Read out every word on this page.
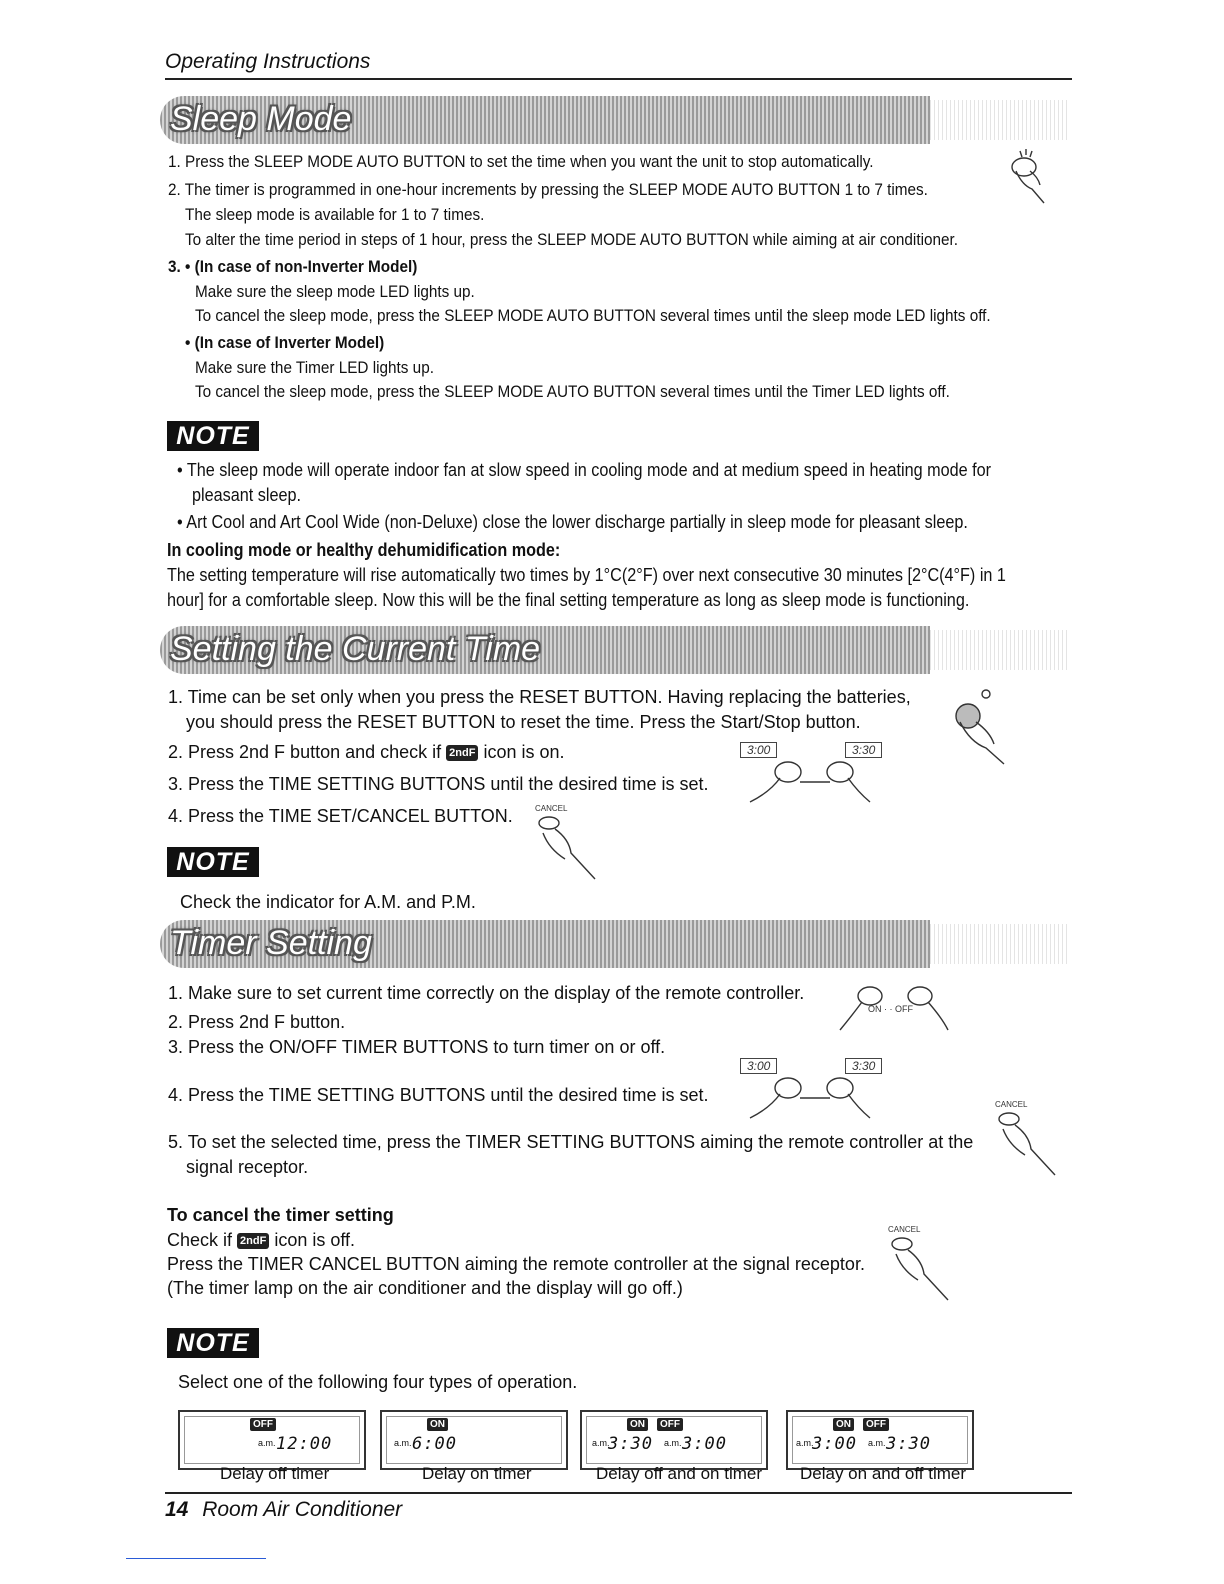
Operating Instructions
Sleep Mode
1. Press the SLEEP MODE AUTO BUTTON to set the time when you want the unit to stop automatically.
2. The timer is programmed in one-hour increments by pressing the SLEEP MODE AUTO BUTTON 1 to 7 times.
The sleep mode is available for 1 to 7 times.
To alter the time period in steps of 1 hour, press the SLEEP MODE AUTO BUTTON while aiming at air conditioner.
3. • (In case of non-Inverter Model)
Make sure the sleep mode LED lights up.
To cancel the sleep mode, press the SLEEP MODE AUTO BUTTON several times until the sleep mode LED lights off.
• (In case of Inverter Model)
Make sure the Timer LED lights up.
To cancel the sleep mode, press the SLEEP MODE AUTO BUTTON several times until the Timer LED lights off.
NOTE
• The sleep mode will operate indoor fan at slow speed in cooling mode and at medium speed in heating mode for
pleasant sleep.
• Art Cool and Art Cool Wide (non-Deluxe) close the lower discharge partially in sleep mode for pleasant sleep.
In cooling mode or healthy dehumidification mode:
The setting temperature will rise automatically two times by 1°C(2°F) over next consecutive 30 minutes [2°C(4°F) in 1
hour] for a comfortable sleep. Now this will be the final setting temperature as long as sleep mode is functioning.
Setting the Current Time
1. Time can be set only when you press the RESET BUTTON. Having replacing the batteries,
you should press the RESET BUTTON to reset the time. Press the Start/Stop button.
2. Press 2nd F button and check if 2ndF icon is on.
3. Press the TIME SETTING BUTTONS until the desired time is set.
4. Press the TIME SET/CANCEL BUTTON.
3:00	3:30
CANCEL
NOTE
Check the indicator for A.M. and P.M.
Timer Setting
1. Make sure to set current time correctly on the display of the remote controller.
2. Press 2nd F button.
3. Press the ON/OFF TIMER BUTTONS to turn timer on or off.
4. Press the TIME SETTING BUTTONS until the desired time is set.
5. To set the selected time, press the TIMER SETTING BUTTONS aiming the remote controller at the
signal receptor.
ON · · OFF
3:00	3:30
CANCEL
To cancel the timer setting
Check if 2ndF icon is off.
Press the TIMER CANCEL BUTTON aiming the remote controller at the signal receptor.
(The timer lamp on the air conditioner and the display will go off.)
CANCEL
NOTE
Select one of the following four types of operation.
OFF
a.m. 12:00
Delay off timer
ON
a.m. 6:00
Delay on timer
ON	OFF
a.m.
3:30 a.m. 3:00
Delay off and on timer
ON	OFF
a.m.
3:00 a.m. 3:30
Delay on and off timer
14 Room Air Conditioner
